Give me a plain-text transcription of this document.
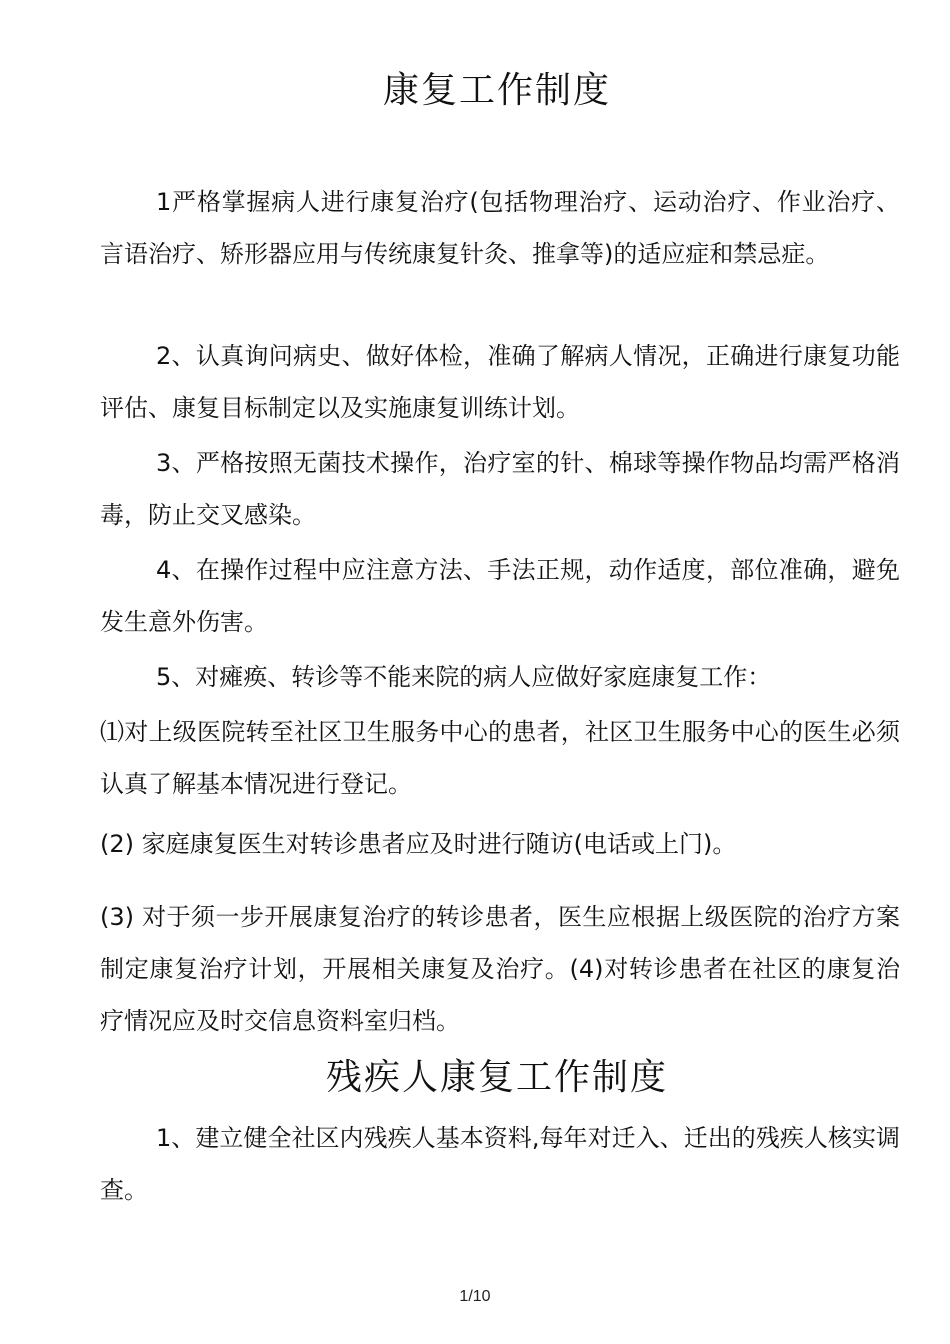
康复工作制度

1严格掌握病人进行康复治疗(包括物理治疗、运动治疗、作业治疗、言语治疗、矫形器应用与传统康复针灸、推拿等)的适应症和禁忌症。

2、认真询问病史、做好体检，准确了解病人情况，正确进行康复功能评估、康复目标制定以及实施康复训练计划。

3、严格按照无菌技术操作，治疗室的针、棉球等操作物品均需严格消毒，防止交叉感染。

4、在操作过程中应注意方法、手法正规，动作适度，部位准确，避免发生意外伤害。

5、对瘫痪、转诊等不能来院的病人应做好家庭康复工作：

⑴对上级医院转至社区卫生服务中心的患者，社区卫生服务中心的医生必须认真了解基本情况进行登记。

(2) 家庭康复医生对转诊患者应及时进行随访(电话或上门)。

(3) 对于须一步开展康复治疗的转诊患者，医生应根据上级医院的治疗方案制定康复治疗计划，开展相关康复及治疗。(4)对转诊患者在社区的康复治疗情况应及时交信息资料室归档。

残疾人康复工作制度

1、建立健全社区内残疾人基本资料,每年对迁入、迁出的残疾人核实调查。

1/10
